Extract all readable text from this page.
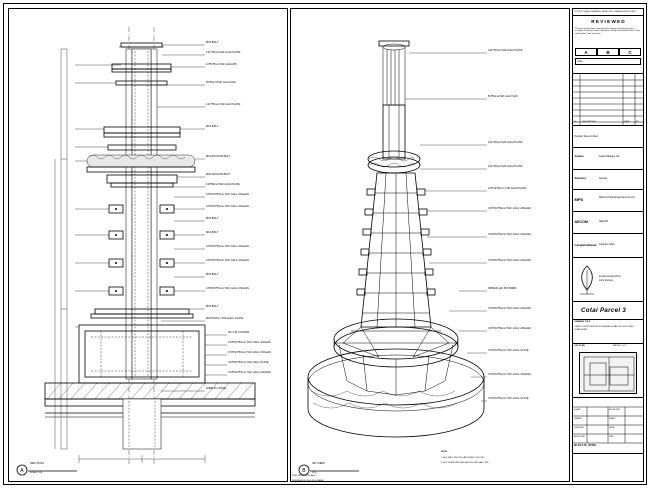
M16 BOLT
140 *50mmTHK GALV.PLATE
10*50*5mmTHK GALV.MS
50*50mmTHK GALV.SHS
140 *50mmTHK GALV.PLATE
M16 BOLT
M16 ANCHOR BOLT
M20 ANCHOR BOLT
140*50mmTHK GALV.PLATE
CSTP10*50mm THK GALV. ANGLES
CSTP10*50mm THK GALV. ANGLES
M16 BOLT
M16 BOLT
CSTP10*50mm THK GALV. ANGLES
CSTP10*50mm THK GALV. ANGLES
M16 BOLT
CSTP10*50mm THK GALV. ANGLES
M16 BOLT
M20*250mm THK GALV. PLATE
RC C40 COLUMN
CSTP10*50mm THK GALV. ANGLES
CSTP10*50mm THK GALV. ANGLES
CSTP10*50mm THK GALV. PLATE
CSTP10*50mm THK GALV. ANGLES
40MM R.C BASE
A
SECTION
SCALE 1:20
140 *50mmTHK GALV.PLATE
50*50mmTHK GALV.SHS
140 *50mmTHK GALV.PLATE
140 *50mmTHK GALV.PLATE
L20*10*50mm THK GALV.PLATE
CSTP10*50mm THK GALV. ANGLES
CSTP10*50mm THK GALV. ANGLES
CSTP10*50mm THK GALV. ANGLES
SPIDER with 50X.50MM
CSTP10*50mm THK GALV. ANGLES
CSTP10*50mm THK GALV. ANGLES
CSTP10*50mm THK GALV. PLATE
CSTP10*50mm THK GALV. ANGLES
CSTP10*50mm THK GALV. PLATE
NOTE :
1. ALL WELT SHOULD BE FIXING ON SITE.
2. ALL PLATE WELDED SHOULD BE GALV. MS.
B
3D VIEW
NTS
DO NOT SCALE DRAWING. VERIFY ALL DIMENSIONS ON SITE
R E V I E W E D
This document has been reviewed by the relevant Consultant(s) and is accepted. For Review, unless referred to, is Project Procedure Section 5.0 for action by the Trade Contractor.
A	B	C
Date :
No	DESCRIPTION	DATE	BY
Howdon Street Limited
Aedas	Aedas (Macau) Ltd.
Gensler	Gensler
MPS	Marcos Professional Services Ltd.
AECOM	AECOM
Langdon&Seah Langdon Seah
Fordes Construction
Joint Venture
Cotai Parcel 3
DRAWING TITLE
PUBLIC CIRCULATION, FOUNTAIN DETAIL-24 FOR STEEL SURROUND
KEY PLAN	PARCEL 3 of 3
SCALE	AS SHOWN
DRAWN	SHEET
CHECKED	DATE
APPROVED	SIZE
SK-FS-C-PL_DETAIL
DWG NUMBER SCALE
REFERENCE DWG FILE NAME
